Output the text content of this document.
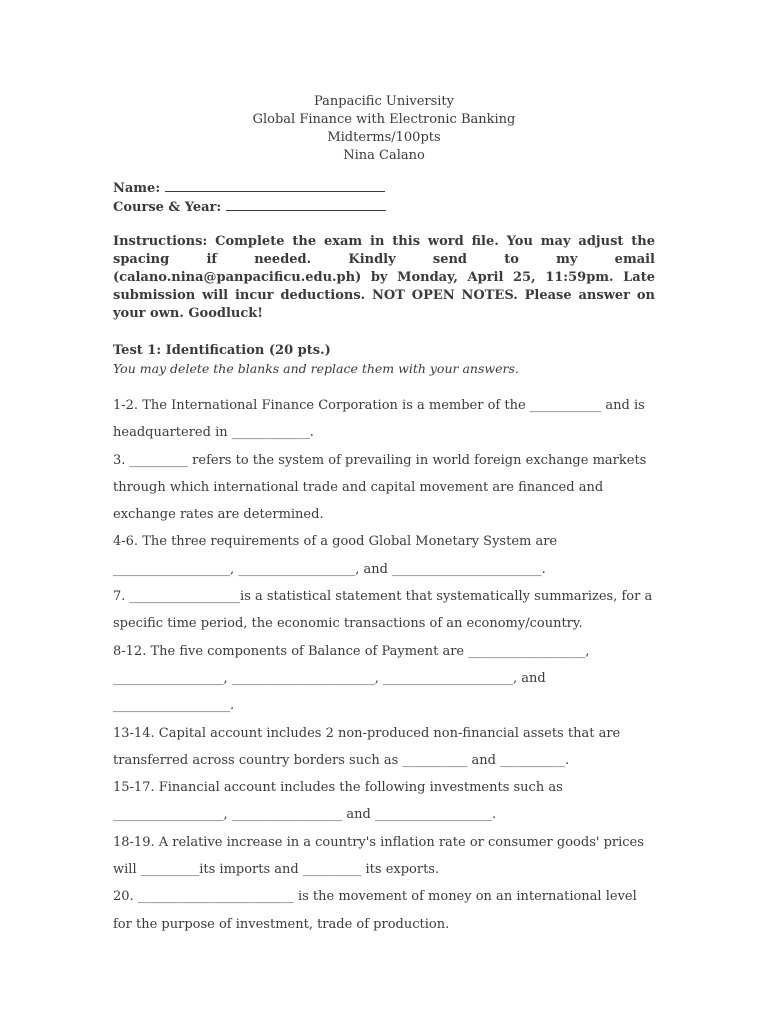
Panpacific University
Global Finance with Electronic Banking
Midterms/100pts
Nina Calano
Name:
Course & Year:
Instructions: Complete the exam in this word file. You may adjust the spacing if needed. Kindly send to my email (calano.nina@panpacificu.edu.ph) by Monday, April 25, 11:59pm. Late submission will incur deductions. NOT OPEN NOTES. Please answer on your own. Goodluck!
Test 1: Identification (20 pts.)
You may delete the blanks and replace them with your answers.

1-2. The International Finance Corporation is a member of the ___________ and is headquartered in ____________.

3. _________ refers to the system of prevailing in world foreign exchange markets through which international trade and capital movement are financed and exchange rates are determined.

4-6. The three requirements of a good Global Monetary System are __________________, __________________, and _______________________.

7. _________________is a statistical statement that systematically summarizes, for a specific time period, the economic transactions of an economy/country.

8-12. The five components of Balance of Payment are __________________, _________________, ______________________, ____________________, and __________________.

13-14. Capital account includes 2 non-produced non-financial assets that are transferred across country borders such as __________ and __________.

15-17. Financial account includes the following investments such as _________________, _________________ and __________________.

18-19. A relative increase in a country's inflation rate or consumer goods' prices will _________its imports and _________ its exports.

20. ________________________ is the movement of money on an international level for the purpose of investment, trade of production.
